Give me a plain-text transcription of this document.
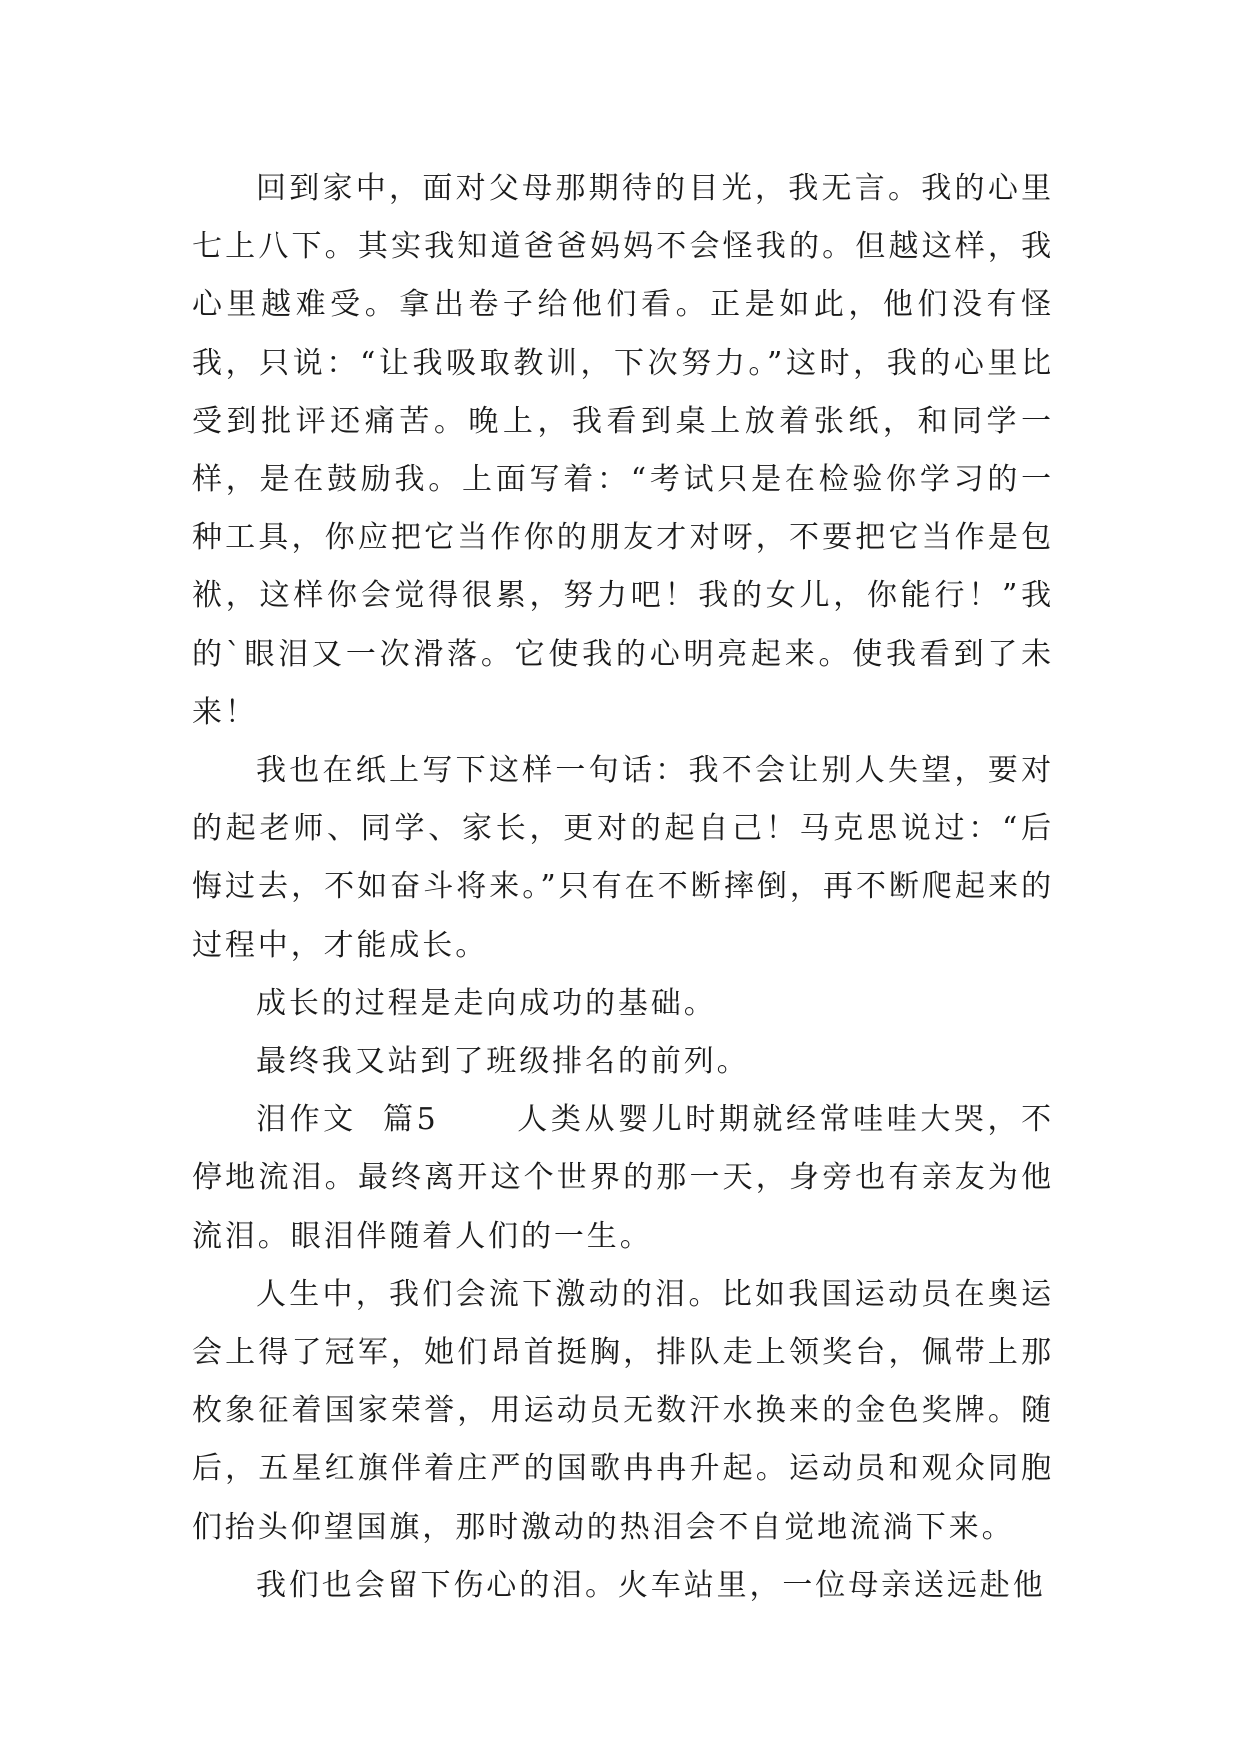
回到家中，面对父母那期待的目光，我无言。我的心里七上八下。其实我知道爸爸妈妈不会怪我的。但越这样，我心里越难受。拿出卷子给他们看。正是如此，他们没有怪我，只说：“让我吸取教训，下次努力。”这时，我的心里比受到批评还痛苦。晚上，我看到桌上放着张纸，和同学一样，是在鼓励我。上面写着：“考试只是在检验你学习的一种工具，你应把它当作你的朋友才对呀，不要把它当作是包袱，这样你会觉得很累，努力吧！我的女儿，你能行！”我的`眼泪又一次滑落。它使我的心明亮起来。使我看到了未来！

我也在纸上写下这样一句话：我不会让别人失望，要对的起老师、同学、家长，更对的起自己！马克思说过：“后悔过去，不如奋斗将来。”只有在不断摔倒，再不断爬起来的过程中，才能成长。

成长的过程是走向成功的基础。

最终我又站到了班级排名的前列。

泪作文  篇5      人类从婴儿时期就经常哇哇大哭，不停地流泪。最终离开这个世界的那一天，身旁也有亲友为他流泪。眼泪伴随着人们的一生。

人生中，我们会流下激动的泪。比如我国运动员在奥运会上得了冠军，她们昂首挺胸，排队走上领奖台，佩带上那枚象征着国家荣誉，用运动员无数汗水换来的金色奖牌。随后，五星红旗伴着庄严的国歌冉冉升起。运动员和观众同胞们抬头仰望国旗，那时激动的热泪会不自觉地流淌下来。

我们也会留下伤心的泪。火车站里，一位母亲送远赴他
